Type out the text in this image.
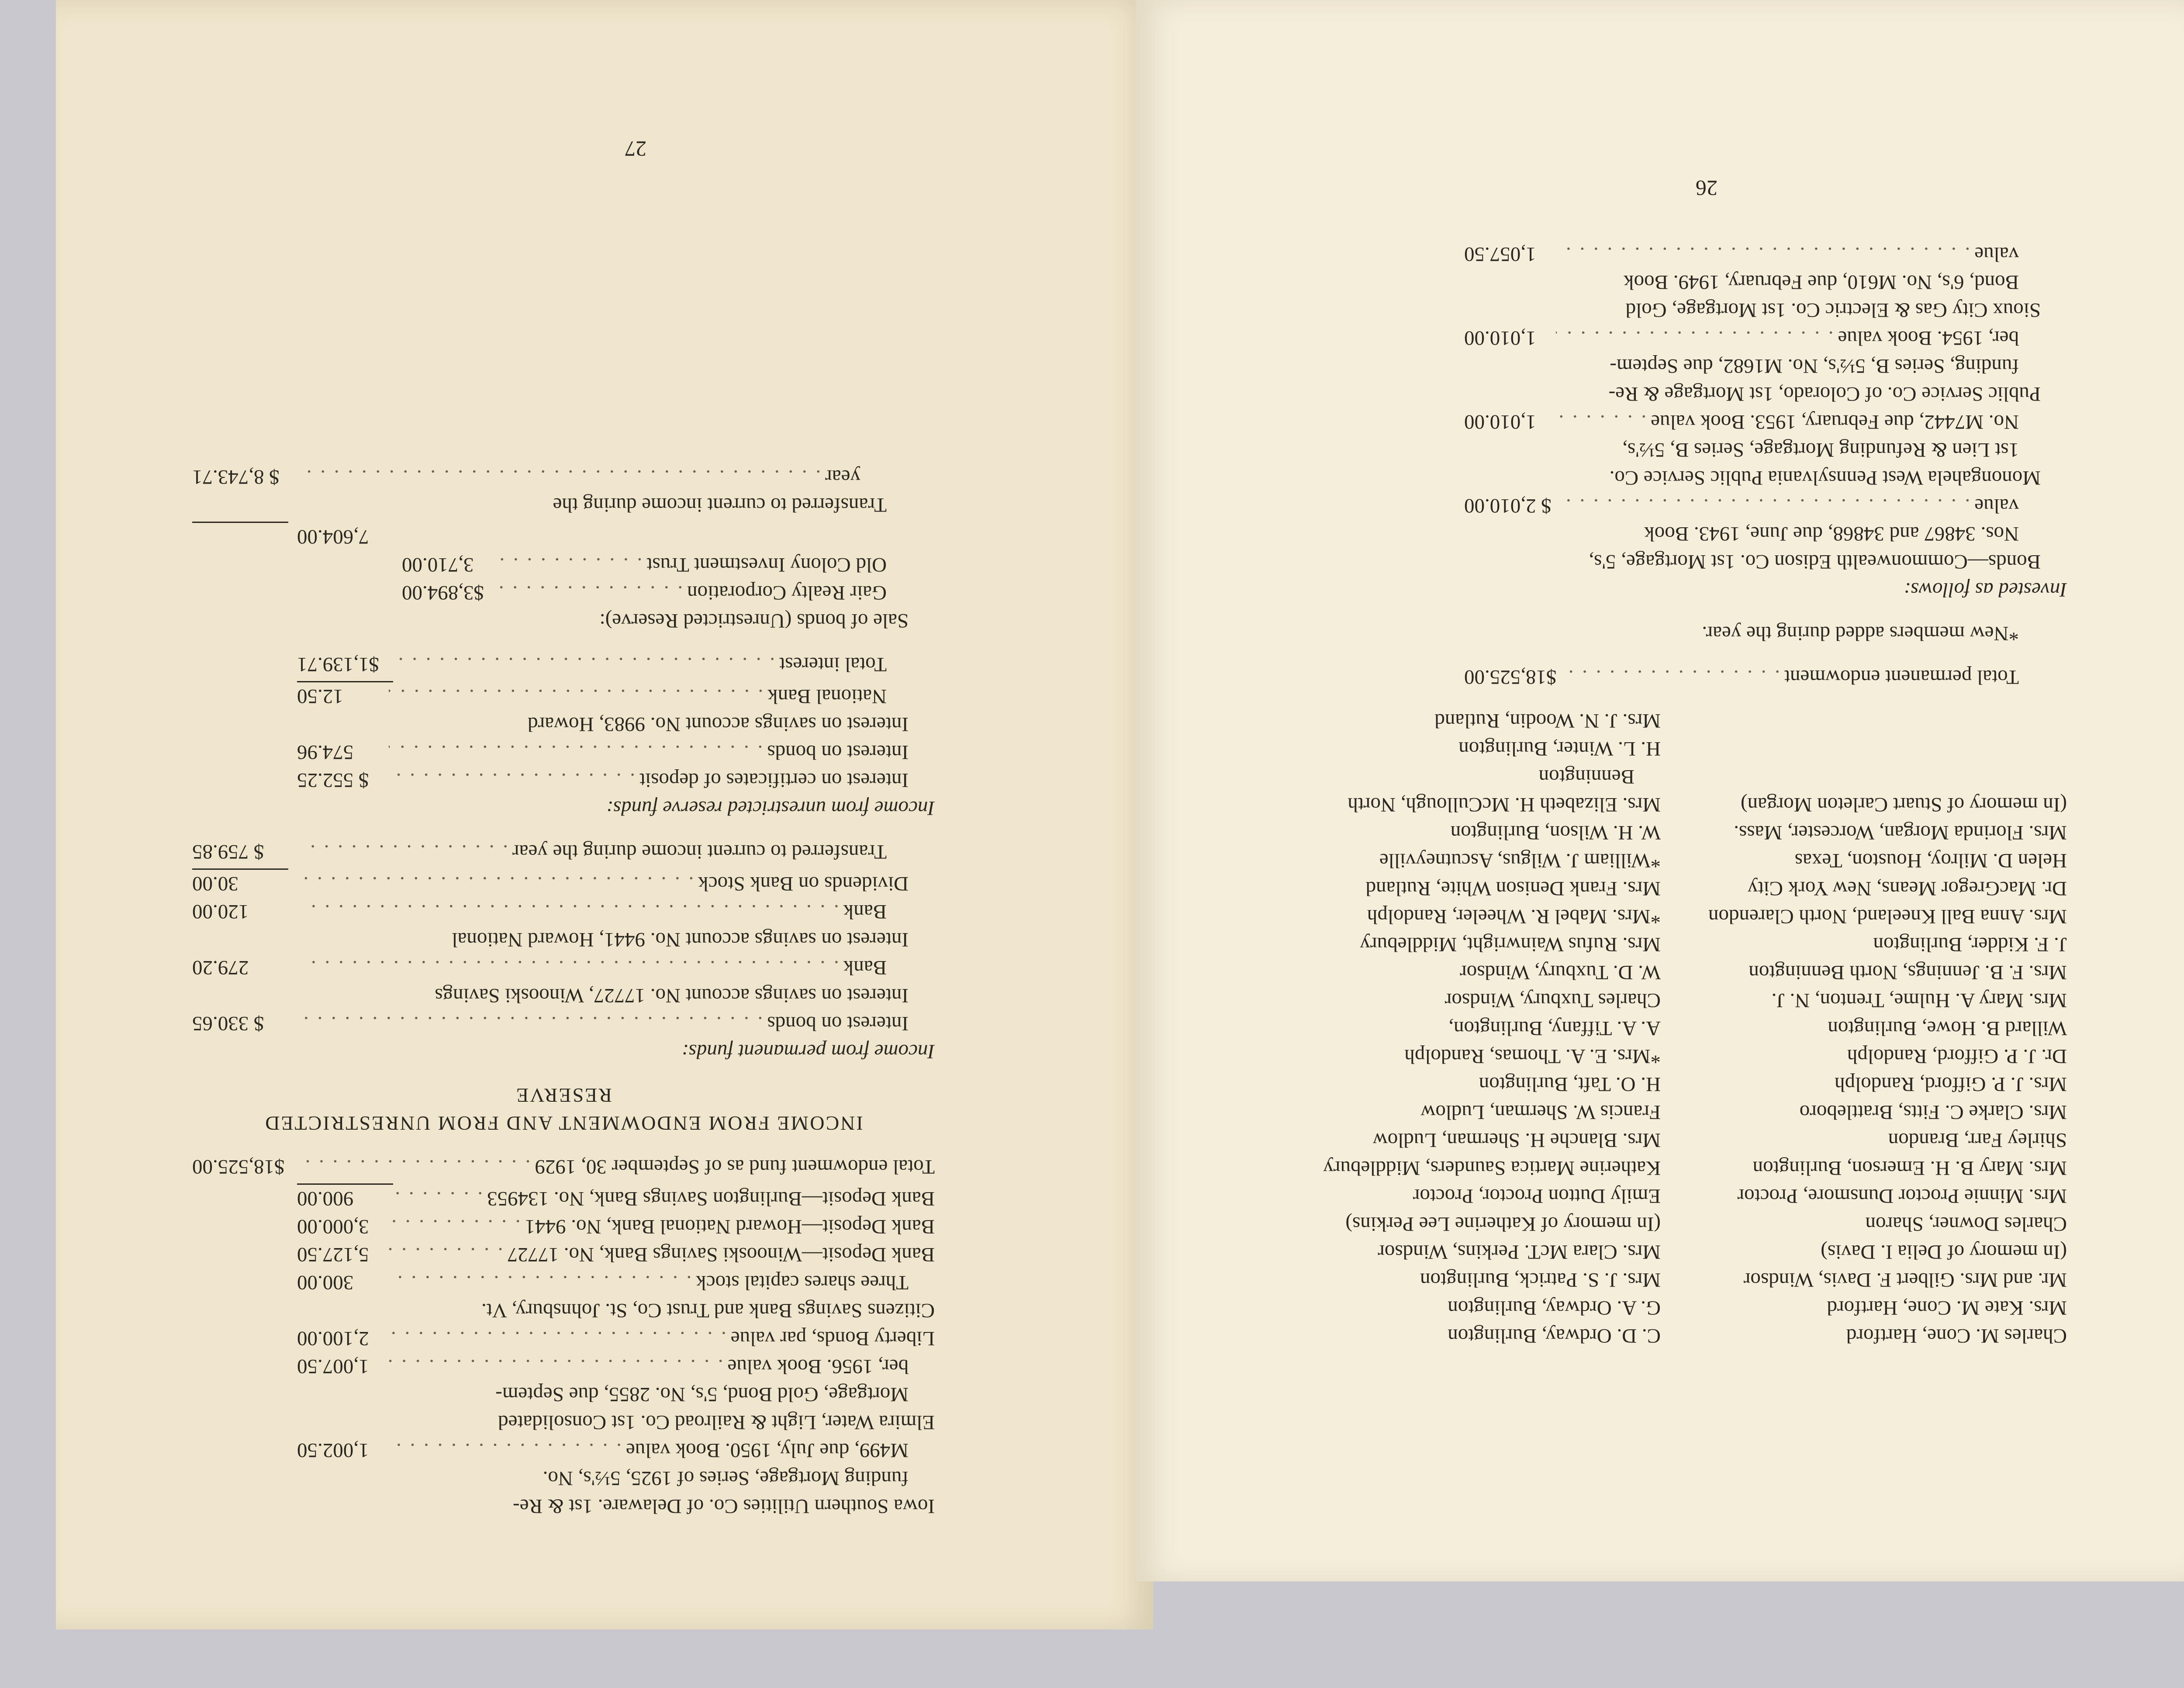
Iowa Southern Utilities Co. of Delaware. 1st & Re-
funding Mortgage, Series of 1925, 5½'s, No.
M499, due July, 1950. Book value
. . .
1,002.50
Elmira Water, Light & Railroad Co. 1st Consolidated
Mortgage, Gold Bond, 5's, No. 2855, due Septem-
ber, 1956. Book value
. . .
1,007.50
Liberty Bonds, par value
. . .
2,100.00
Citizens Savings Bank and Trust Co, St. Johnsbury, Vt.
Three shares capital stock
. . .
300.00
Bank Deposit—Winooski Savings Bank, No. 17727
. . .
5,127.50
Bank Deposit—Howard National Bank, No. 9441
. . .
3,000.00
Bank Deposit—Burlington Savings Bank, No. 134953
. . .
900.00
Total endowment fund as of September 30, 1929
. . .
$18,525.00
INCOME FROM ENDOWMENT AND FROM UNRESTRICTED
RESERVE
Income from permanent funds:
Interest on bonds
. . .
$ 330.65
Interest on savings account No. 17727, Winooski Savings
Bank
. . .
279.20
Interest on savings account No. 9441, Howard National
Bank
. . .
120.00
Dividends on Bank Stock
. . .
30.00
Transferred to current income during the year
. . .
$ 759.85
Income from unrestricted reserve funds:
Interest on certificates of deposit
. . .
$ 552.25
Interest on bonds
. . .
574.96
Interest on savings account No. 9983, Howard
National Bank
. . .
12.50
Total interest
. . .
$1,139.71
Sale of bonds (Unrestricted Reserve):
Gair Realty Corporation
. . .
$3,894.00
Old Colony Investment Trust
. . .
3,710.00
7,604.00
Transferred to current income during the
year
. . .
$ 8,743.71
27
Charles M. Cone, Hartford
Mrs. Kate M. Cone, Hartford
Mr. and Mrs. Gilbert F. Davis, Windsor
(In memory of Delia I. Davis)
Charles Downer, Sharon
Mrs. Minnie Proctor Dunsmore, Proctor
Mrs. Mary B. H. Emerson, Burlington
Shirley Farr, Brandon
Mrs. Clarke C. Fitts, Brattleboro
Mrs. J. P. Gifford, Randolph
Dr. J. P. Gifford, Randolph
Willard B. Howe, Burlington
Mrs. Mary A. Hulme, Trenton, N. J.
Mrs. F. B. Jennings, North Bennington
J. F. Kidder, Burlington
Mrs. Anna Ball Kneeland, North Clarendon
Dr. MacGregor Means, New York City
Helen D. Milroy, Houston, Texas
Mrs. Florinda Morgan, Worcester, Mass.
(In memory of Stuart Carleton Morgan)
C. D. Ordway, Burlington
G. A. Ordway, Burlington
Mrs. J. S. Patrick, Burlington
Mrs. Clara McT. Perkins, Windsor
(In memory of Katherine Lee Perkins)
Emily Dutton Proctor, Proctor
Katherine Martica Saunders, Middlebury
Mrs. Blanche H. Sherman, Ludlow
Francis W. Sherman, Ludlow
H. O. Taft, Burlington
*Mrs. E. A. Thomas, Randolph
A. A. Tiffany, Burlington,
Charles Tuxbury, Windsor
W. D. Tuxbury, Windsor
Mrs. Rufus Wainwright, Middlebury
*Mrs. Mabel R. Wheeler, Randolph
Mrs. Frank Denison White, Rutland
*William J. Wilgus, Ascutneyville
W. H. Wilson, Burlington
Mrs. Elizabeth H. McCullough, North Bennington
H. L. Winter, Burlington
Mrs. J. N. Woodin, Rutland
Total permanent endowment
. . .
$18,525.00
*New members added during the year.
Invested as follows:
Bonds—Commonwealth Edison Co. 1st Mortgage, 5's,
Nos. 34867 and 34868, due June, 1943. Book
value
. . .
$ 2,010.00
Monongahela West Pennsylvania Public Service Co.
1st Lien & Refunding Mortgage, Series B, 5½'s,
No. M7442, due February, 1953. Book value
. . .
1,010.00
Public Service Co. of Colorado, 1st Mortgage & Re-
funding, Series B, 5½'s, No. M1682, due Septem-
ber, 1954. Book value
. . .
1,010.00
Sioux City Gas & Electric Co. 1st Mortgage, Gold
Bond, 6's, No. M610, due February, 1949. Book
value
. . .
1,057.50
26
